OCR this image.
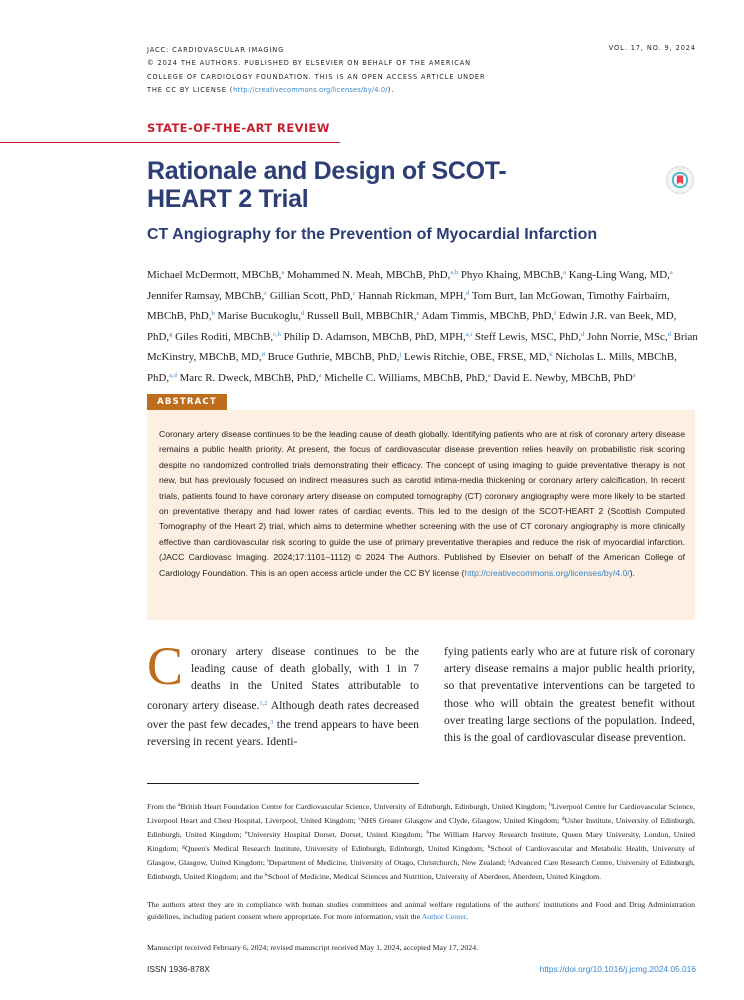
JACC: CARDIOVASCULAR IMAGING
© 2024 THE AUTHORS. PUBLISHED BY ELSEVIER ON BEHALF OF THE AMERICAN
COLLEGE OF CARDIOLOGY FOUNDATION. THIS IS AN OPEN ACCESS ARTICLE UNDER
THE CC BY LICENSE (http://creativecommons.org/licenses/by/4.0/).
VOL. 17, NO. 9, 2024
STATE-OF-THE-ART REVIEW
Rationale and Design of SCOT-HEART 2 Trial
CT Angiography for the Prevention of Myocardial Infarction
Michael McDermott, MBChB,$^a$ Mohammed N. Meah, MBChB, PhD,$^{a,b}$ Phyo Khaing, MBChB,$^a$ Kang-Ling Wang, MD,$^a$ Jennifer Ramsay, MBChB,$^c$ Gillian Scott, PhD,$^c$ Hannah Rickman, MPH,$^d$ Tom Burt, Ian McGowan, Timothy Fairbairn, MBChB, PhD,$^b$ Marise Bucukoglu,$^d$ Russell Bull, MBBChIR,$^e$ Adam Timmis, MBChB, PhD,$^f$ Edwin J.R. van Beek, MD, PhD,$^g$ Giles Roditi, MBChB,$^{c,h}$ Philip D. Adamson, MBChB, PhD, MPH,$^{a,i}$ Steff Lewis, MSC, PhD,$^d$ John Norrie, MSc,$^d$ Brian McKinstry, MBChB, MD,$^d$ Bruce Guthrie, MBChB, PhD,$^j$ Lewis Ritchie, OBE, FRSE, MD,$^k$ Nicholas L. Mills, MBChB, PhD,$^{a,d}$ Marc R. Dweck, MBChB, PhD,$^a$ Michelle C. Williams, MBChB, PhD,$^a$ David E. Newby, MBChB, PhD$^a$
ABSTRACT
Coronary artery disease continues to be the leading cause of death globally. Identifying patients who are at risk of coronary artery disease remains a public health priority. At present, the focus of cardiovascular disease prevention relies heavily on probabilistic risk scoring despite no randomized controlled trials demonstrating their efficacy. The concept of using imaging to guide preventative therapy is not new, but has previously focused on indirect measures such as carotid intima-media thickening or coronary artery calcification. In recent trials, patients found to have coronary artery disease on computed tomography (CT) coronary angiography were more likely to be started on preventative therapy and had lower rates of cardiac events. This led to the design of the SCOT-HEART 2 (Scottish Computed Tomography of the Heart 2) trial, which aims to determine whether screening with the use of CT coronary angiography is more clinically effective than cardiovascular risk scoring to guide the use of primary preventative therapies and reduce the risk of myocardial infarction. (JACC Cardiovasc Imaging. 2024;17:1101–1112) © 2024 The Authors. Published by Elsevier on behalf of the American College of Cardiology Foundation. This is an open access article under the CC BY license (http://creativecommons.org/licenses/by/4.0/).
Coronary artery disease continues to be the leading cause of death globally, with 1 in 7 deaths in the United States attributable to coronary artery disease.$^{1,2}$ Although death rates decreased over the past few decades,$^3$ the trend appears to have been reversing in recent years. Identi-
fying patients early who are at future risk of coronary artery disease remains a major public health priority, so that preventative interventions can be targeted to those who will obtain the greatest benefit without over treating large sections of the population. Indeed, this is the goal of cardiovascular disease prevention.
From the $^a$British Heart Foundation Centre for Cardiovascular Science, University of Edinburgh, Edinburgh, United Kingdom; $^b$Liverpool Centre for Cardiovascular Science, Liverpool Heart and Chest Hospital, Liverpool, United Kingdom; $^c$NHS Greater Glasgow and Clyde, Glasgow, United Kingdom; $^d$Usher Institute, University of Edinburgh, Edinburgh, United Kingdom; $^e$University Hospital Dorset, Dorset, United Kingdom; $^f$The William Harvey Research Institute, Queen Mary University, London, United Kingdom; $^g$Queen's Medical Research Institute, University of Edinburgh, Edinburgh, United Kingdom; $^h$School of Cardiovascular and Metabolic Health, University of Glasgow, Glasgow, United Kingdom; $^i$Department of Medicine, University of Otago, Christchurch, New Zealand; $^j$Advanced Care Research Centre, University of Edinburgh, Edinburgh, United Kingdom; and the $^k$School of Medicine, Medical Sciences and Nutrition, University of Aberdeen, Aberdeen, United Kingdom.
The authors attest they are in compliance with human studies committees and animal welfare regulations of the authors' institutions and Food and Drug Administration guidelines, including patient consent where appropriate. For more information, visit the Author Center.
Manuscript received February 6, 2024; revised manuscript received May 1, 2024, accepted May 17, 2024.
ISSN 1936-878X	https://doi.org/10.1016/j.jcmg.2024.05.016
